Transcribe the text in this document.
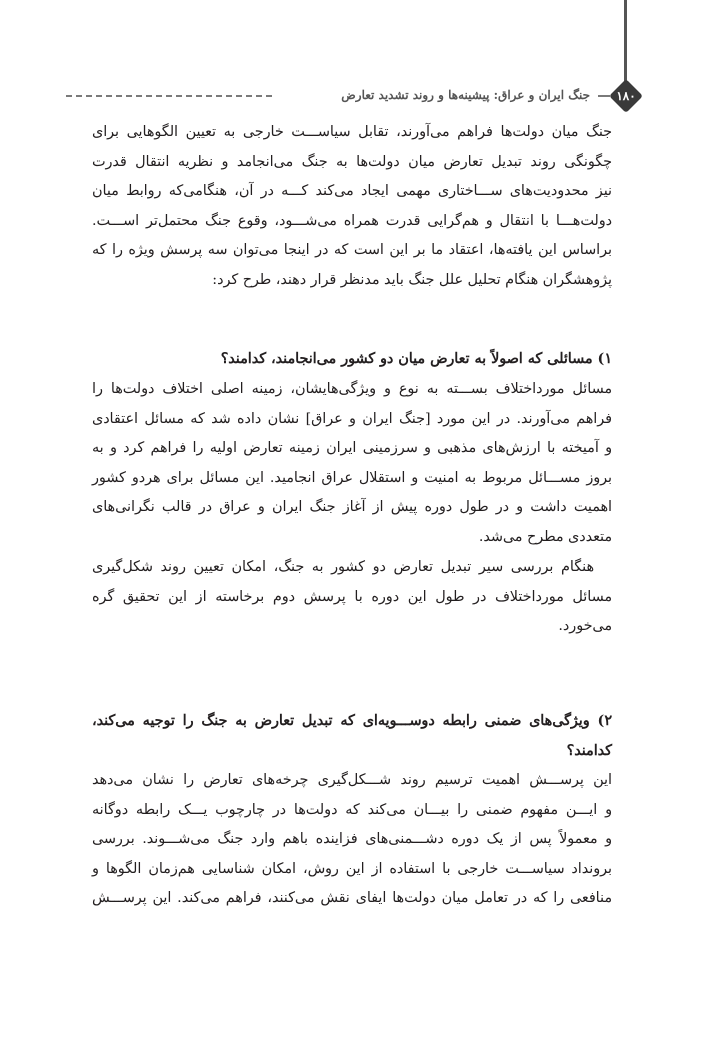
۱۸۰
جنگ ایران و عراق: پیشینه‌ها و روند تشدید تعارض
جنگ میان دولت‌ها فراهم می‌آورند، تقابل سیاســـت خارجی به تعیین الگوهایی برای
چگونگی روند تبدیل تعارض میان دولت‌ها به جنگ می‌انجامد و نظریه انتقال قدرت
نیز محدودیت‌های ســـاختاری مهمی ایجاد می‌کند کـــه در آن، هنگامی‌که روابط میان
دولت‌هـــا با انتقال و هم‌گرایی قدرت همراه می‌شـــود، وقوع جنگ محتمل‌تر اســـت.
براساس این یافته‌ها، اعتقاد ما بر این است که در اینجا می‌توان سه پرسش ویژه را که
پژوهشگران هنگام تحلیل علل جنگ باید مدنظر قرار دهند، طرح کرد:
۱) مسائلی که اصولاً به تعارض میان دو کشور می‌انجامند، کدامند؟
مسائل مورداختلاف بســـته به نوع و ویژگی‌هایشان، زمینه اصلی اختلاف دولت‌ها را
فراهم می‌آورند. در این مورد [جنگ ایران و عراق] نشان داده شد که مسائل اعتقادی
و آمیخته با ارزش‌های مذهبی و سرزمینی ایران زمینه تعارض اولیه را فراهم کرد و به
بروز مســـائل مربوط به امنیت و استقلال عراق انجامید. این مسائل برای هردو کشور
اهمیت داشت و در طول دوره پیش از آغاز جنگ ایران و عراق در قالب نگرانی‌های
متعددی مطرح می‌شد.
هنگام بررسی سیر تبدیل تعارض دو کشور به جنگ، امکان تعیین روند شکل‌گیری
مسائل مورداختلاف در طول این دوره با پرسش دوم برخاسته از این تحقیق گره
می‌خورد.
۲) ویژگی‌های ضمنی رابطه دوســـویه‌ای که تبدیل تعارض به جنگ را توجیه می‌کند،
کدامند؟
این پرســـش اهمیت ترسیم روند شـــکل‌گیری چرخه‌های تعارض را نشان می‌دهد
و ایـــن مفهوم ضمنی را بیـــان می‌کند که دولت‌ها در چارچوب یـــک رابطه دوگانه
و معمولاً پس از یک دوره دشـــمنی‌های فزاینده باهم وارد جنگ می‌شـــوند. بررسی
برونداد سیاســـت خارجی با استفاده از این روش، امکان شناسایی هم‌زمان الگوها و
منافعی را که در تعامل میان دولت‌ها ایفای نقش می‌کنند، فراهم می‌کند. این پرســـش
